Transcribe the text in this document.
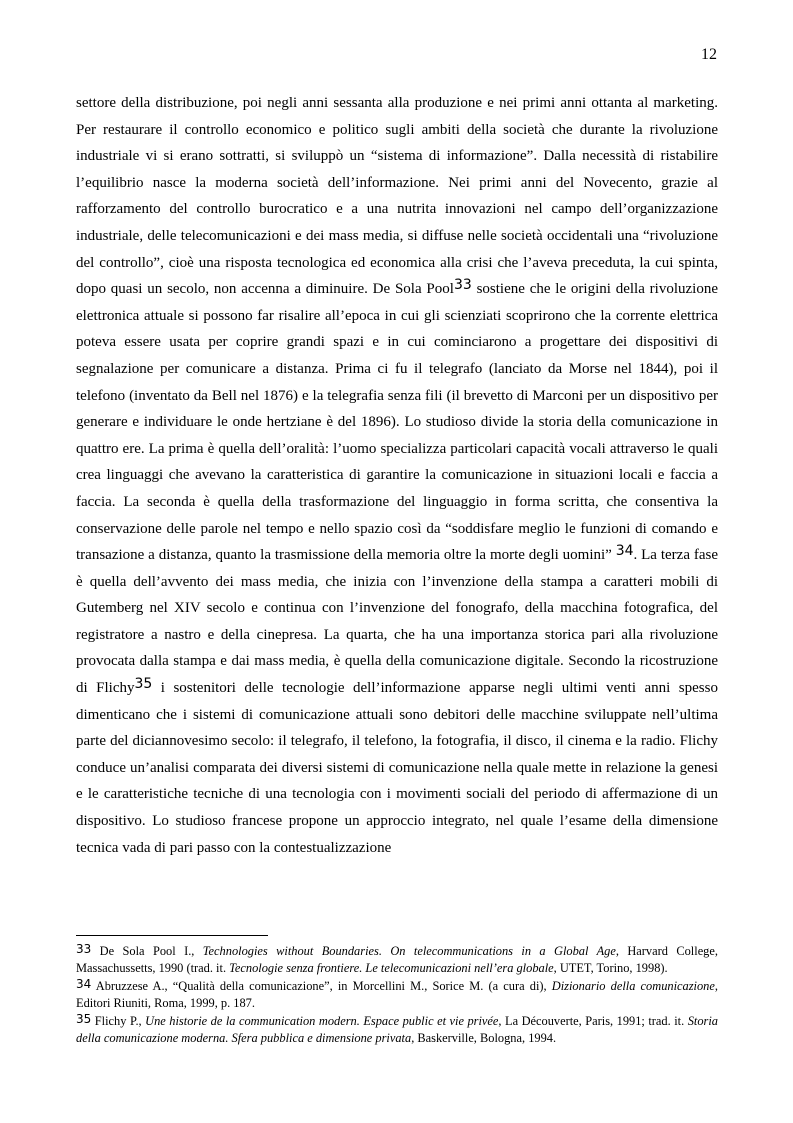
12

settore della distribuzione, poi negli anni sessanta alla produzione e nei primi anni ottanta al marketing. Per restaurare il controllo economico e politico sugli ambiti della società che durante la rivoluzione industriale vi si erano sottratti, si sviluppò un “sistema di informazione”. Dalla necessità di ristabilire l’equilibrio nasce la moderna società dell’informazione. Nei primi anni del Novecento, grazie al rafforzamento del controllo burocratico e a una nutrita innovazioni nel campo dell’organizzazione industriale, delle telecomunicazioni e dei mass media, si diffuse nelle società occidentali una “rivoluzione del controllo”, cioè una risposta tecnologica ed economica alla crisi che l’aveva preceduta, la cui spinta, dopo quasi un secolo, non accenna a diminuire. De Sola Pool$^{33}$ sostiene che le origini della rivoluzione elettronica attuale si possono far risalire all’epoca in cui gli scienziati scoprirono che la corrente elettrica poteva essere usata per coprire grandi spazi e in cui cominciarono a progettare dei dispositivi di segnalazione per comunicare a distanza. Prima ci fu il telegrafo (lanciato da Morse nel 1844), poi il telefono (inventato da Bell nel 1876) e la telegrafia senza fili (il brevetto di Marconi per un dispositivo per generare e individuare le onde hertziane è del 1896). Lo studioso divide la storia della comunicazione in quattro ere. La prima è quella dell’oralità: l’uomo specializza particolari capacità vocali attraverso le quali crea linguaggi che avevano la caratteristica di garantire la comunicazione in situazioni locali e faccia a faccia. La seconda è quella della trasformazione del linguaggio in forma scritta, che consentiva la conservazione delle parole nel tempo e nello spazio così da “soddisfare meglio le funzioni di comando e transazione a distanza, quanto la trasmissione della memoria oltre la morte degli uomini” $^{34}$. La terza fase è quella dell’avvento dei mass media, che inizia con l’invenzione della stampa a caratteri mobili di Gutemberg nel XIV secolo e continua con l’invenzione del fonografo, della macchina fotografica, del registratore a nastro e della cinepresa. La quarta, che ha una importanza storica pari alla rivoluzione provocata dalla stampa e dai mass media, è quella della comunicazione digitale. Secondo la ricostruzione di Flichy$^{35}$ i sostenitori delle tecnologie dell’informazione apparse negli ultimi venti anni spesso dimenticano che i sistemi di comunicazione attuali sono debitori delle macchine sviluppate nell’ultima parte del diciannovesimo secolo: il telegrafo, il telefono, la fotografia, il disco, il cinema e la radio. Flichy conduce un’analisi comparata dei diversi sistemi di comunicazione nella quale mette in relazione la genesi e le caratteristiche tecniche di una tecnologia con i movimenti sociali del periodo di affermazione di un dispositivo. Lo studioso francese propone un approccio integrato, nel quale l’esame della dimensione tecnica vada di pari passo con la contestualizzazione

33 De Sola Pool I., Technologies without Boundaries. On telecommunications in a Global Age, Harvard College, Massachussetts, 1990 (trad. it. Tecnologie senza frontiere. Le telecomunicazioni nell’era globale, UTET, Torino, 1998).

34 Abruzzese A., “Qualità della comunicazione”, in Morcellini M., Sorice M. (a cura di), Dizionario della comunicazione, Editori Riuniti, Roma, 1999, p. 187.

35 Flichy P., Une historie de la communication modern. Espace public et vie privée, La Découverte, Paris, 1991; trad. it. Storia della comunicazione moderna. Sfera pubblica e dimensione privata, Baskerville, Bologna, 1994.
